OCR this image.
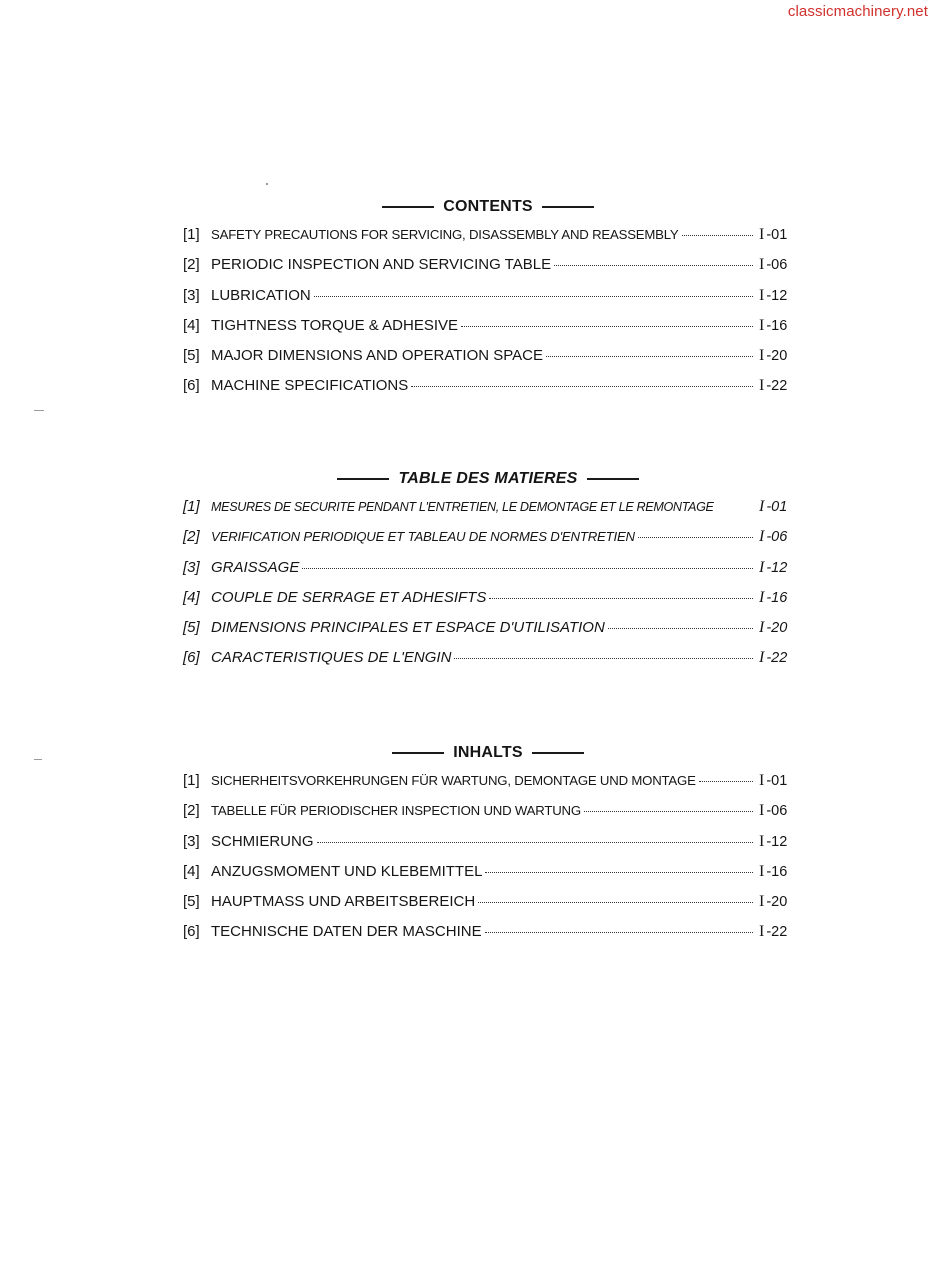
classicmachinery.net
CONTENTS
[1] SAFETY PRECAUTIONS FOR SERVICING, DISASSEMBLY AND REASSEMBLY	I -01
[2] PERIODIC INSPECTION AND SERVICING TABLE	I -06
[3] LUBRICATION	I -12
[4] TIGHTNESS TORQUE & ADHESIVE	I -16
[5] MAJOR DIMENSIONS AND OPERATION SPACE	I -20
[6] MACHINE SPECIFICATIONS	I -22
TABLE DES MATIERES
[1] MESURES DE SECURITE PENDANT L'ENTRETIEN, LE DEMONTAGE ET LE REMONTAGE	I -01
[2] VERIFICATION PERIODIQUE ET TABLEAU DE NORMES D'ENTRETIEN	I -06
[3] GRAISSAGE	I -12
[4] COUPLE DE SERRAGE ET ADHESIFTS	I -16
[5] DIMENSIONS PRINCIPALES ET ESPACE D'UTILISATION	I -20
[6] CARACTERISTIQUES DE L'ENGIN	I -22
INHALTS
[1] SICHERHEITSVORKEHRUNGEN FÜR WARTUNG, DEMONTAGE UND MONTAGE	I -01
[2] TABELLE FÜR PERIODISCHER INSPECTION UND WARTUNG	I -06
[3] SCHMIERUNG	I -12
[4] ANZUGSMOMENT UND KLEBEMITTEL	I -16
[5] HAUPTMASS UND ARBEITSBEREICH	I -20
[6] TECHNISCHE DATEN DER MASCHINE	I -22
